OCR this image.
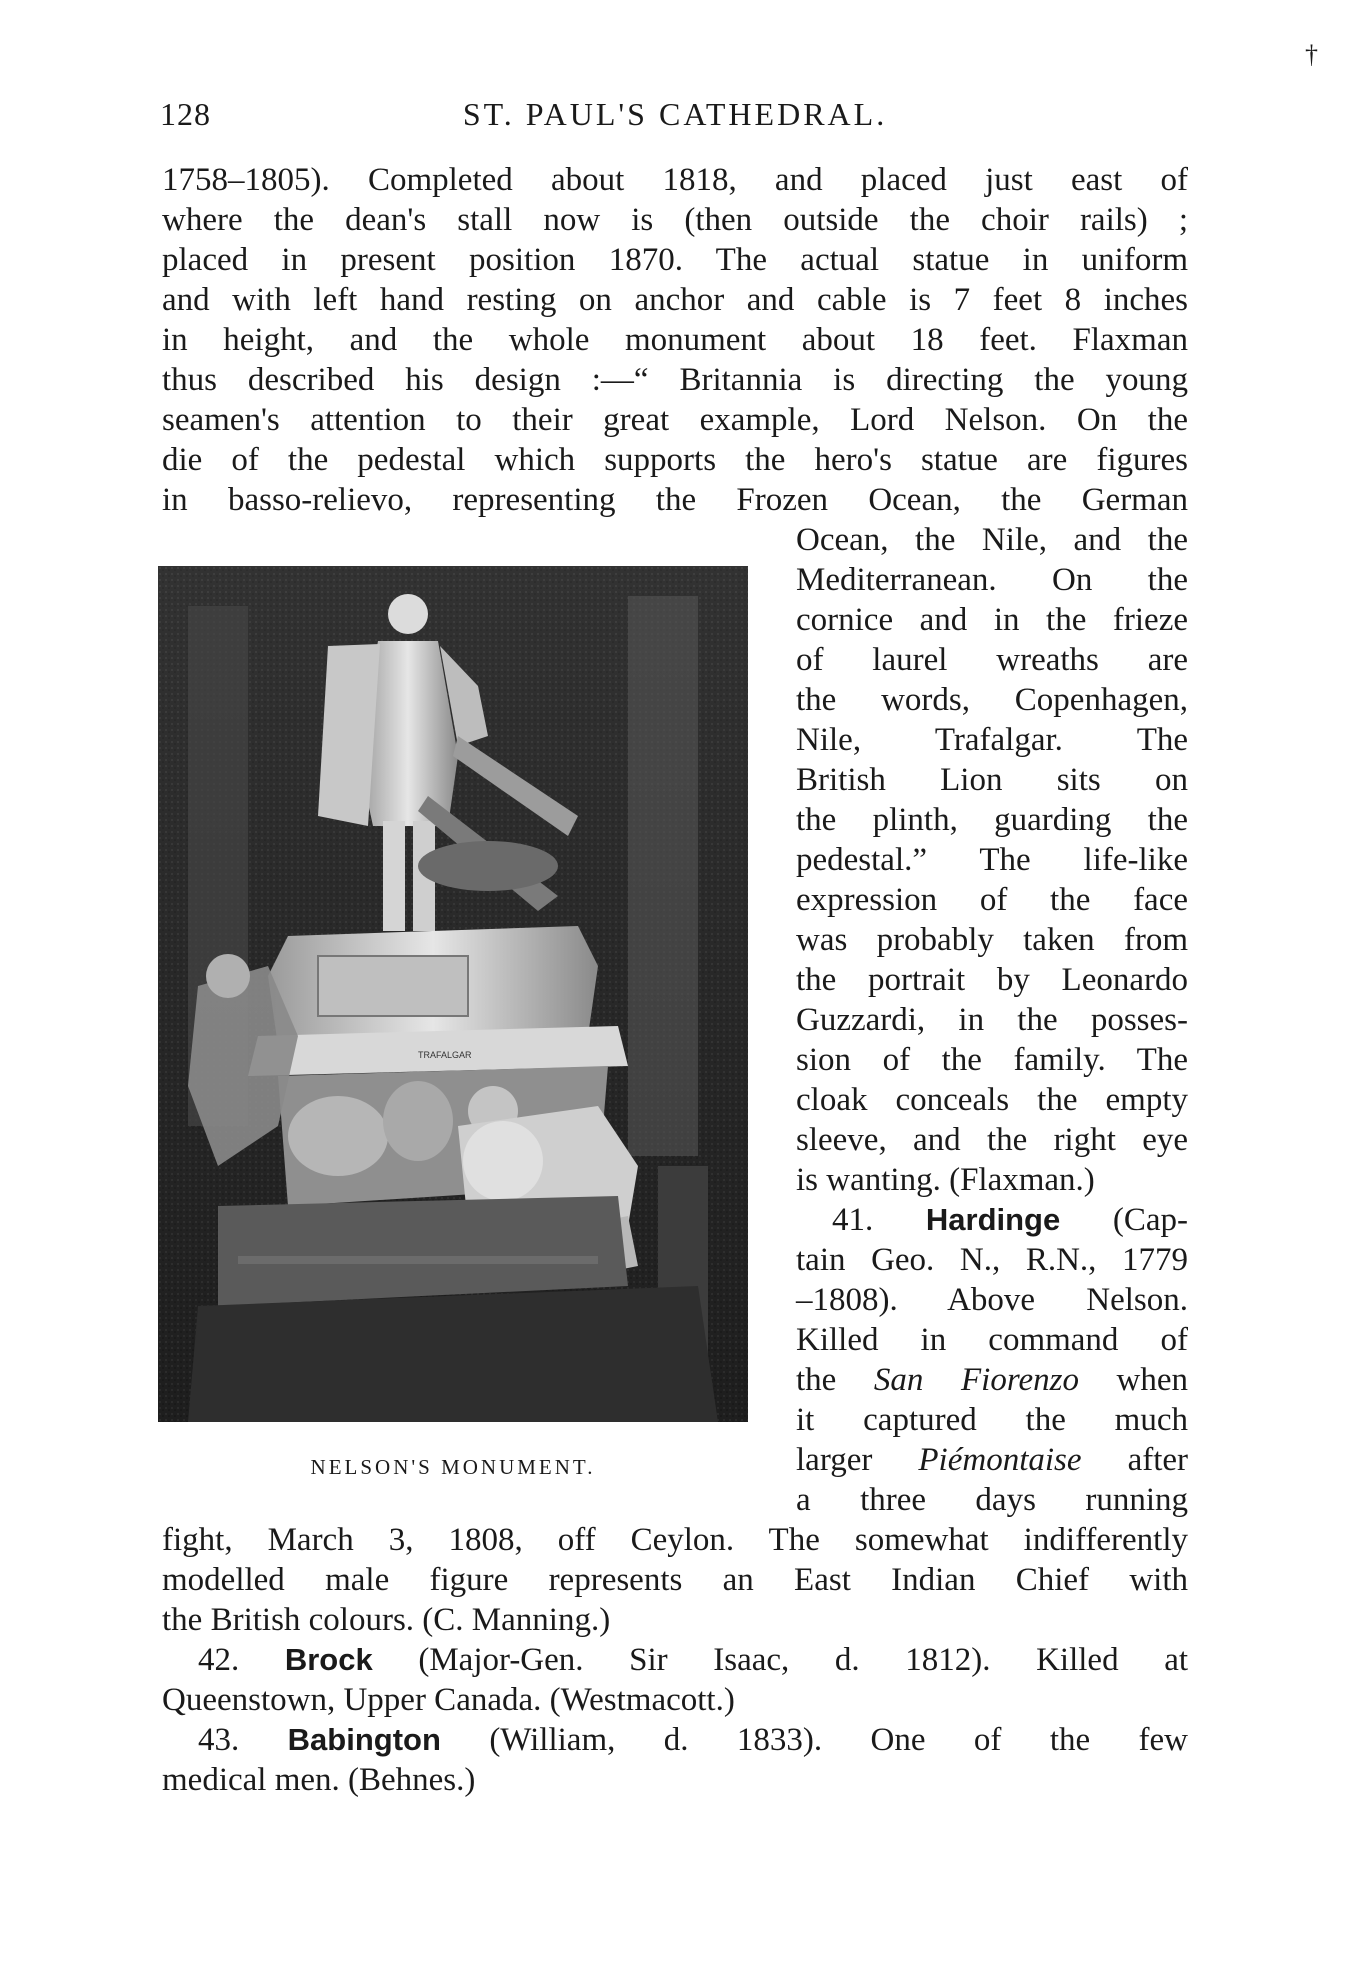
128	ST. PAUL'S CATHEDRAL.
†
1758–1805). Completed about 1818, and placed just east of
where the dean's stall now is (then outside the choir rails) ;
placed in present position 1870. The actual statue in uniform
and with left hand resting on anchor and cable is 7 feet 8 inches
in height, and the whole monument about 18 feet. Flaxman
thus described his design :—“ Britannia is directing the young
seamen's attention to their great example, Lord Nelson. On the
die of the pedestal which supports the hero's statue are figures
in basso-relievo, representing the Frozen Ocean, the German
TRAFALGAR
NELSON'S MONUMENT.
Ocean, the Nile, and the
Mediterranean. On the
cornice and in the frieze
of laurel wreaths are
the words, Copenhagen,
Nile, Trafalgar. The
British Lion sits on
the plinth, guarding the
pedestal.” The life-like
expression of the face
was probably taken from
the portrait by Leonardo
Guzzardi, in the posses-
sion of the family. The
cloak conceals the empty
sleeve, and the right eye
is wanting. (Flaxman.)
41. Hardinge (Cap-
tain Geo. N., R.N., 1779
–1808). Above Nelson.
Killed in command of
the San Fiorenzo when
it captured the much
larger Piémontaise after
a three days running
fight, March 3, 1808, off Ceylon. The somewhat indifferently
modelled male figure represents an East Indian Chief with
the British colours. (C. Manning.)
42. Brock (Major-Gen. Sir Isaac, d. 1812). Killed at
Queenstown, Upper Canada. (Westmacott.)
43. Babington (William, d. 1833). One of the few
medical men. (Behnes.)
